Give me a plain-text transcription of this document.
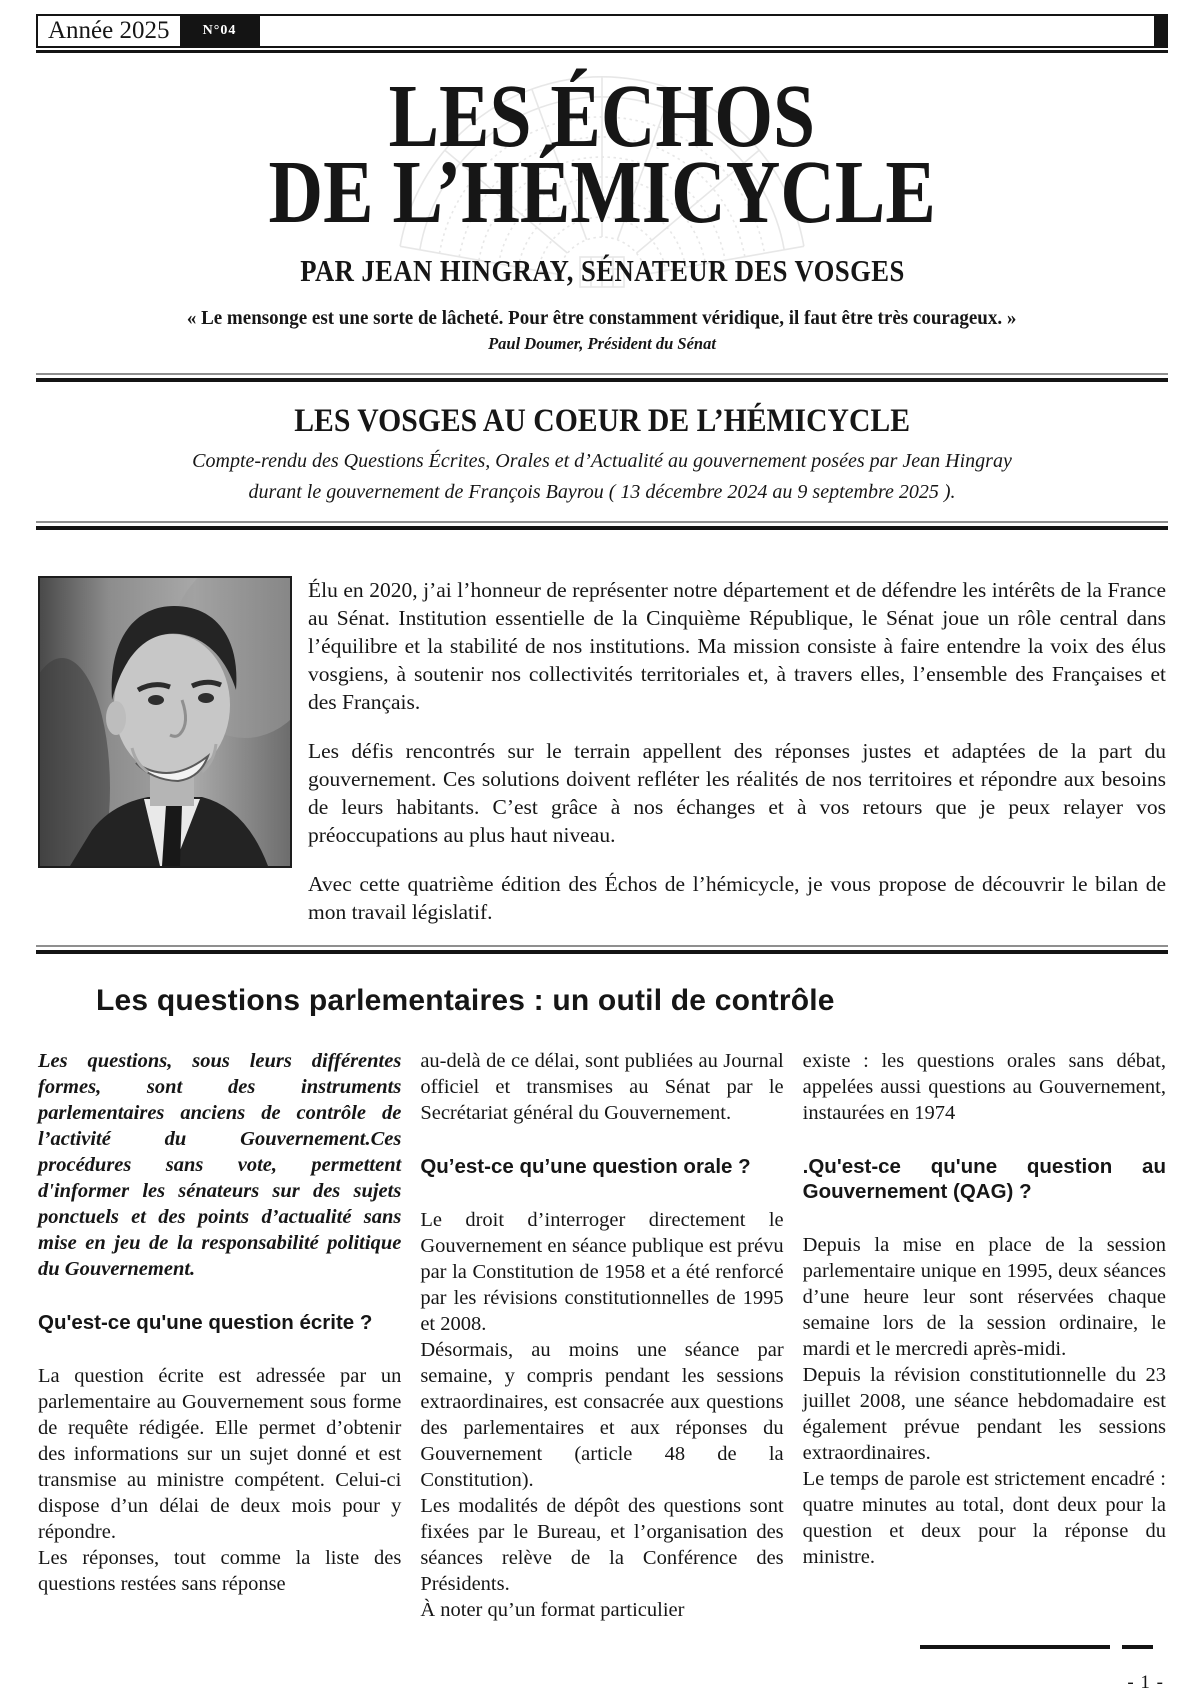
Année 2025	N°04
LES ÉCHOS
DE L’HÉMICYCLE
PAR JEAN HINGRAY, SÉNATEUR DES VOSGES
« Le mensonge est une sorte de lâcheté. Pour être constamment véridique, il faut être très courageux. »
Paul Doumer, Président du Sénat
LES VOSGES AU COEUR DE L’HÉMICYCLE
Compte-rendu des Questions Écrites, Orales et d’Actualité au gouvernement posées par Jean Hingray
durant le gouvernement de François Bayrou ( 13 décembre 2024 au 9 septembre 2025 ).

Élu en 2020, j’ai l’honneur de représenter notre département et de défendre les intérêts de la France au Sénat. Institution essentielle de la Cinquième République, le Sénat joue un rôle central dans l’équilibre et la stabilité de nos institutions. Ma mission consiste à faire entendre la voix des élus vosgiens, à soutenir nos collectivités territoriales et, à travers elles, l’ensemble des Françaises et des Français.

Les défis rencontrés sur le terrain appellent des réponses justes et adaptées de la part du gouvernement. Ces solutions doivent refléter les réalités de nos territoires et répondre aux besoins de leurs habitants. C’est grâce à nos échanges et à vos retours que je peux relayer vos préoccupations au plus haut niveau.

Avec cette quatrième édition des Échos de l’hémicycle, je vous propose de découvrir le bilan de mon travail législatif.

Les questions parlementaires : un outil de contrôle

Les questions, sous leurs différentes formes, sont des instruments parlementaires anciens de contrôle de l’activité du Gouvernement.Ces procédures sans vote, permettent d'informer les sénateurs sur des sujets ponctuels et des points d’actualité sans mise en jeu de la responsabilité politique du Gouvernement.

Qu'est-ce qu'une question écrite ?

La question écrite est adressée par un parlementaire au Gouvernement sous forme de requête rédigée. Elle permet d’obtenir des informations sur un sujet donné et est transmise au ministre compétent. Celui-ci dispose d’un délai de deux mois pour y répondre.

Les réponses, tout comme la liste des questions restées sans réponse

au-delà de ce délai, sont publiées au Journal officiel et transmises au Sénat par le Secrétariat général du Gouvernement.

Qu’est-ce qu’une question orale ?

Le droit d’interroger directement le Gouvernement en séance publique est prévu par la Constitution de 1958 et a été renforcé par les révisions constitutionnelles de 1995 et 2008.

Désormais, au moins une séance par semaine, y compris pendant les sessions extraordinaires, est consacrée aux questions des parlementaires et aux réponses du Gouvernement (article 48 de la Constitution).

Les modalités de dépôt des questions sont fixées par le Bureau, et l’organisation des séances relève de la Conférence des Présidents.

À noter qu’un format particulier

existe : les questions orales sans débat, appelées aussi questions au Gouvernement, instaurées en 1974

.Qu'est-ce qu'une question au Gouvernement (QAG) ?

Depuis la mise en place de la session parlementaire unique en 1995, deux séances d’une heure leur sont réservées chaque semaine lors de la session ordinaire, le mardi et le mercredi après-midi.

Depuis la révision constitutionnelle du 23 juillet 2008, une séance hebdomadaire est également prévue pendant les sessions extraordinaires.

Le temps de parole est strictement encadré : quatre minutes au total, dont deux pour la question et deux pour la réponse du ministre.

- 1 -
